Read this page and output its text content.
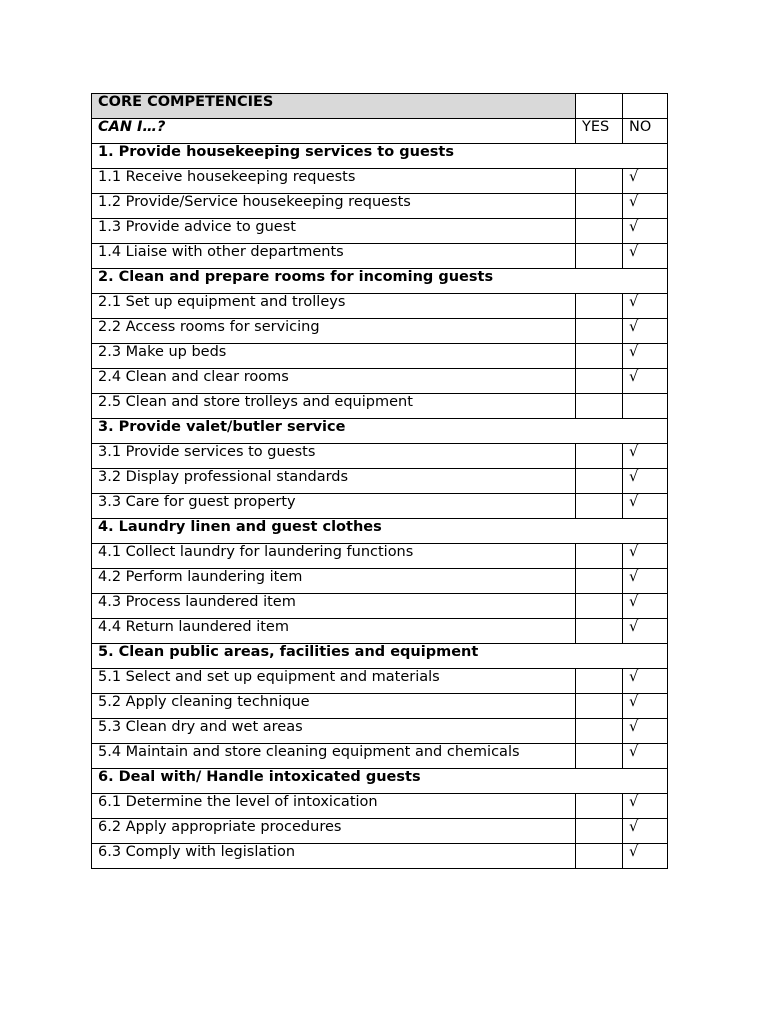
CORE COMPETENCIES		
CAN I…?	YES	NO
1. Provide housekeeping services to guests		
1.1 Receive housekeeping requests		√
1.2 Provide/Service housekeeping requests		√
1.3 Provide advice to guest		√
1.4 Liaise with other departments		√
2. Clean and prepare rooms for incoming guests		
2.1 Set up equipment and trolleys		√
2.2 Access rooms for servicing		√
2.3 Make up beds		√
2.4 Clean and clear rooms		√
2.5 Clean and store trolleys and equipment		
3. Provide valet/butler service		
3.1 Provide services to guests		√
3.2 Display professional standards		√
3.3 Care for guest property		√
4. Laundry linen and guest clothes		
4.1 Collect laundry for laundering functions		√
4.2 Perform laundering item		√
4.3 Process laundered item		√
4.4 Return laundered item		√
5. Clean public areas, facilities and equipment		
5.1 Select and set up equipment and materials		√
5.2 Apply cleaning technique		√
5.3 Clean dry and wet areas		√
5.4 Maintain and store cleaning equipment and chemicals		√
6. Deal with/ Handle intoxicated guests		
6.1 Determine the level of intoxication		√
6.2 Apply appropriate procedures		√
6.3 Comply with legislation		√
